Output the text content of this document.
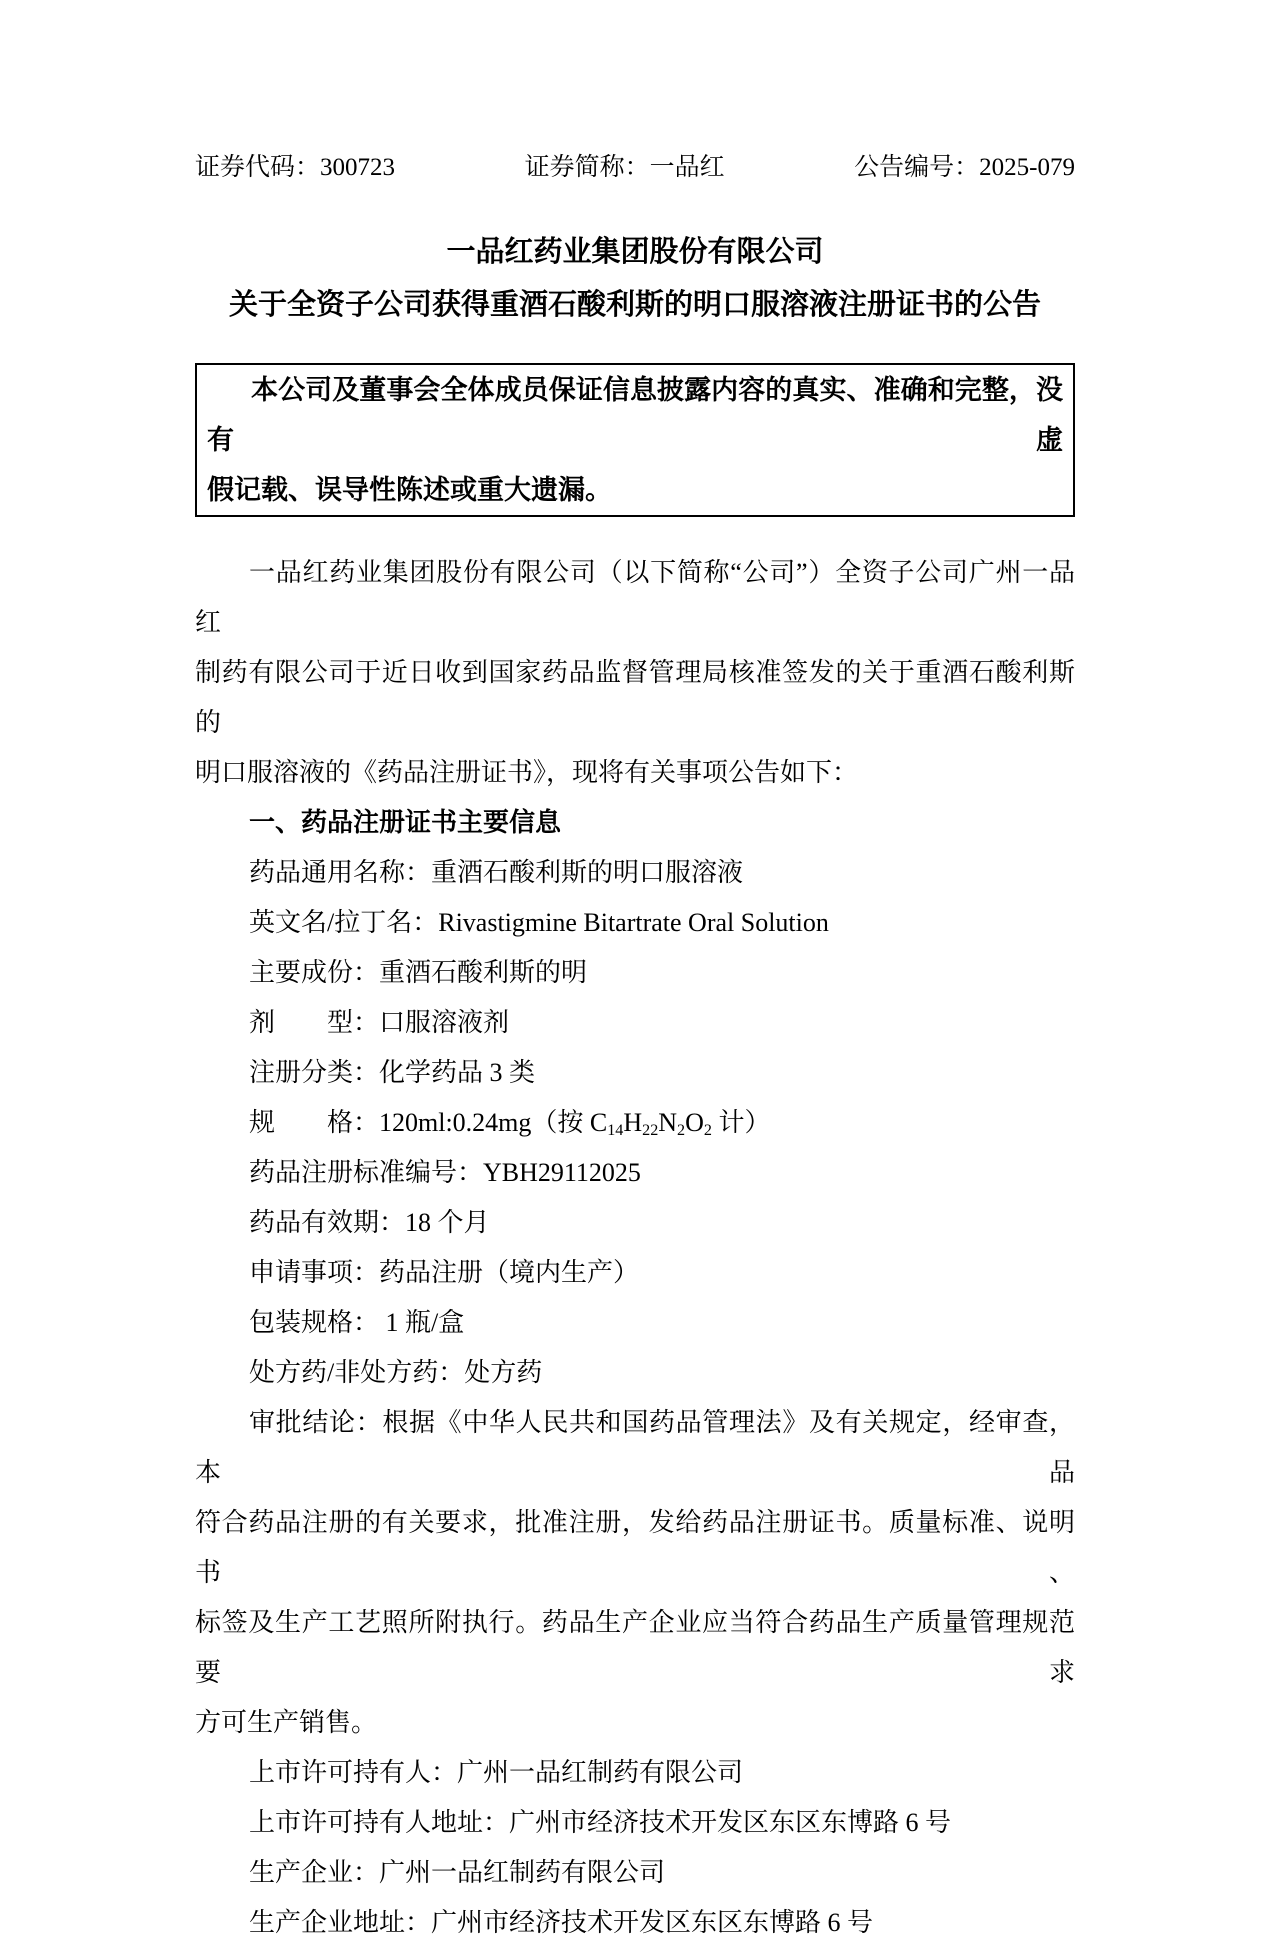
证券代码：300723	证券简称：一品红	公告编号：2025-079
一品红药业集团股份有限公司
关于全资子公司获得重酒石酸利斯的明口服溶液注册证书的公告
本公司及董事会全体成员保证信息披露内容的真实、准确和完整，没有虚
假记载、误导性陈述或重大遗漏。
一品红药业集团股份有限公司（以下简称“公司”）全资子公司广州一品红
制药有限公司于近日收到国家药品监督管理局核准签发的关于重酒石酸利斯的
明口服溶液的《药品注册证书》，现将有关事项公告如下：
一、药品注册证书主要信息
药品通用名称：重酒石酸利斯的明口服溶液
英文名/拉丁名：Rivastigmine Bitartrate Oral Solution
主要成份：重酒石酸利斯的明
剂　　型：口服溶液剂
注册分类：化学药品 3 类
规　　格：120ml:0.24mg（按 $C_{14}H_{22}N_2O_2$ 计）
药品注册标准编号：YBH29112025
药品有效期：18 个月
申请事项：药品注册（境内生产）
包装规格： 1 瓶/盒
处方药/非处方药：处方药
审批结论：根据《中华人民共和国药品管理法》及有关规定，经审查，本品
符合药品注册的有关要求，批准注册，发给药品注册证书。质量标准、说明书、
标签及生产工艺照所附执行。药品生产企业应当符合药品生产质量管理规范要求
方可生产销售。
上市许可持有人：广州一品红制药有限公司
上市许可持有人地址：广州市经济技术开发区东区东博路 6 号
生产企业：广州一品红制药有限公司
生产企业地址：广州市经济技术开发区东区东博路 6 号
